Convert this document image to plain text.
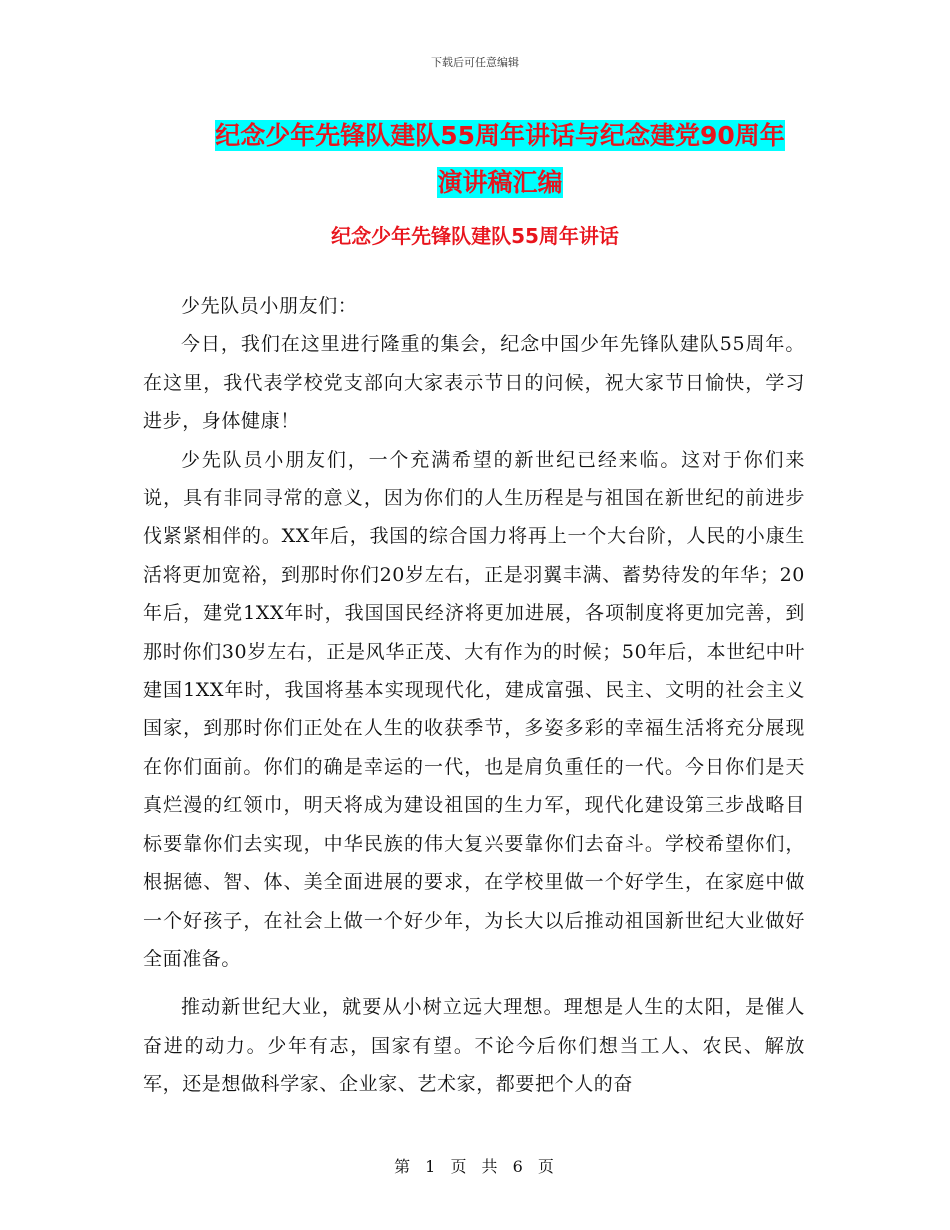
下载后可任意编辑
纪念少年先锋队建队55周年讲话与纪念建党90周年
演讲稿汇编
纪念少年先锋队建队55周年讲话

少先队员小朋友们：

今日，我们在这里进行隆重的集会，纪念中国少年先锋队建队55周年。在这里，我代表学校党支部向大家表示节日的问候，祝大家节日愉快，学习进步，身体健康！

少先队员小朋友们，一个充满希望的新世纪已经来临。这对于你们来说，具有非同寻常的意义，因为你们的人生历程是与祖国在新世纪的前进步伐紧紧相伴的。XX年后，我国的综合国力将再上一个大台阶，人民的小康生活将更加宽裕，到那时你们20岁左右，正是羽翼丰满、蓄势待发的年华；20年后，建党1XX年时，我国国民经济将更加进展，各项制度将更加完善，到那时你们30岁左右，正是风华正茂、大有作为的时候；50年后，本世纪中叶建国1XX年时，我国将基本实现现代化，建成富强、民主、文明的社会主义国家，到那时你们正处在人生的收获季节，多姿多彩的幸福生活将充分展现在你们面前。你们的确是幸运的一代，也是肩负重任的一代。今日你们是天真烂漫的红领巾，明天将成为建设祖国的生力军，现代化建设第三步战略目标要靠你们去实现，中华民族的伟大复兴要靠你们去奋斗。学校希望你们，根据德、智、体、美全面进展的要求，在学校里做一个好学生，在家庭中做一个好孩子，在社会上做一个好少年，为长大以后推动祖国新世纪大业做好全面准备。

推动新世纪大业，就要从小树立远大理想。理想是人生的太阳，是催人奋进的动力。少年有志，国家有望。不论今后你们想当工人、农民、解放军，还是想做科学家、企业家、艺术家，都要把个人的奋

第 1 页 共 6 页
